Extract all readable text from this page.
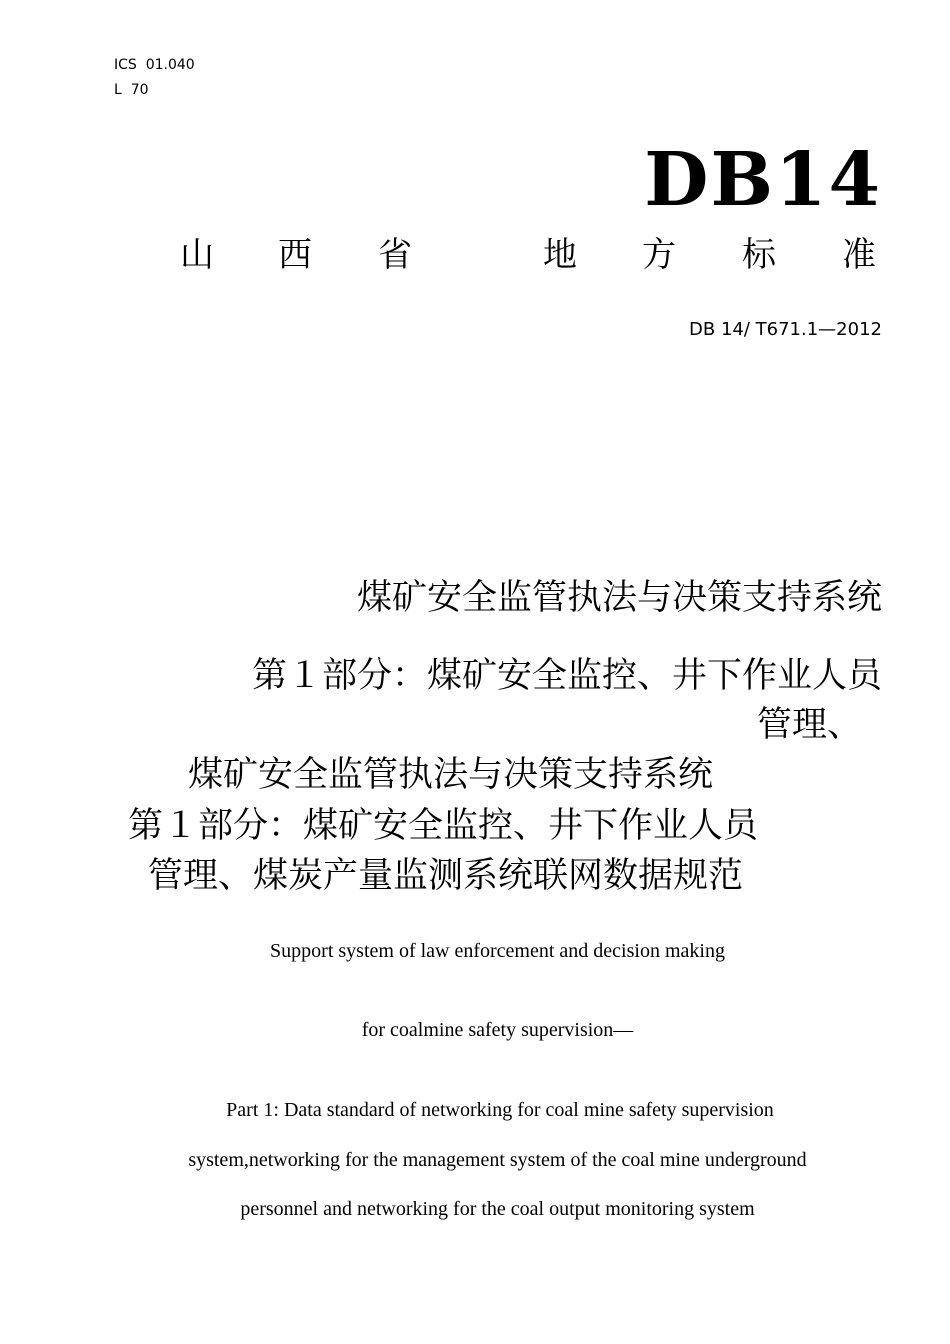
ICS  01.040
L  70
DB14
山 西 省	地 方 标 准
DB 14/ T671.1—2012
煤矿安全监管执法与决策支持系统
第１部分：煤矿安全监控、井下作业人员
管理、
煤矿安全监管执法与决策支持系统
第１部分：煤矿安全监控、井下作业人员
管理、煤炭产量监测系统联网数据规范
Support system of law enforcement and decision making
for coalmine safety supervision—
Part 1: Data standard of networking for coal mine safety supervision
system,networking for the management system of the coal mine underground
personnel and networking for the coal output monitoring system
